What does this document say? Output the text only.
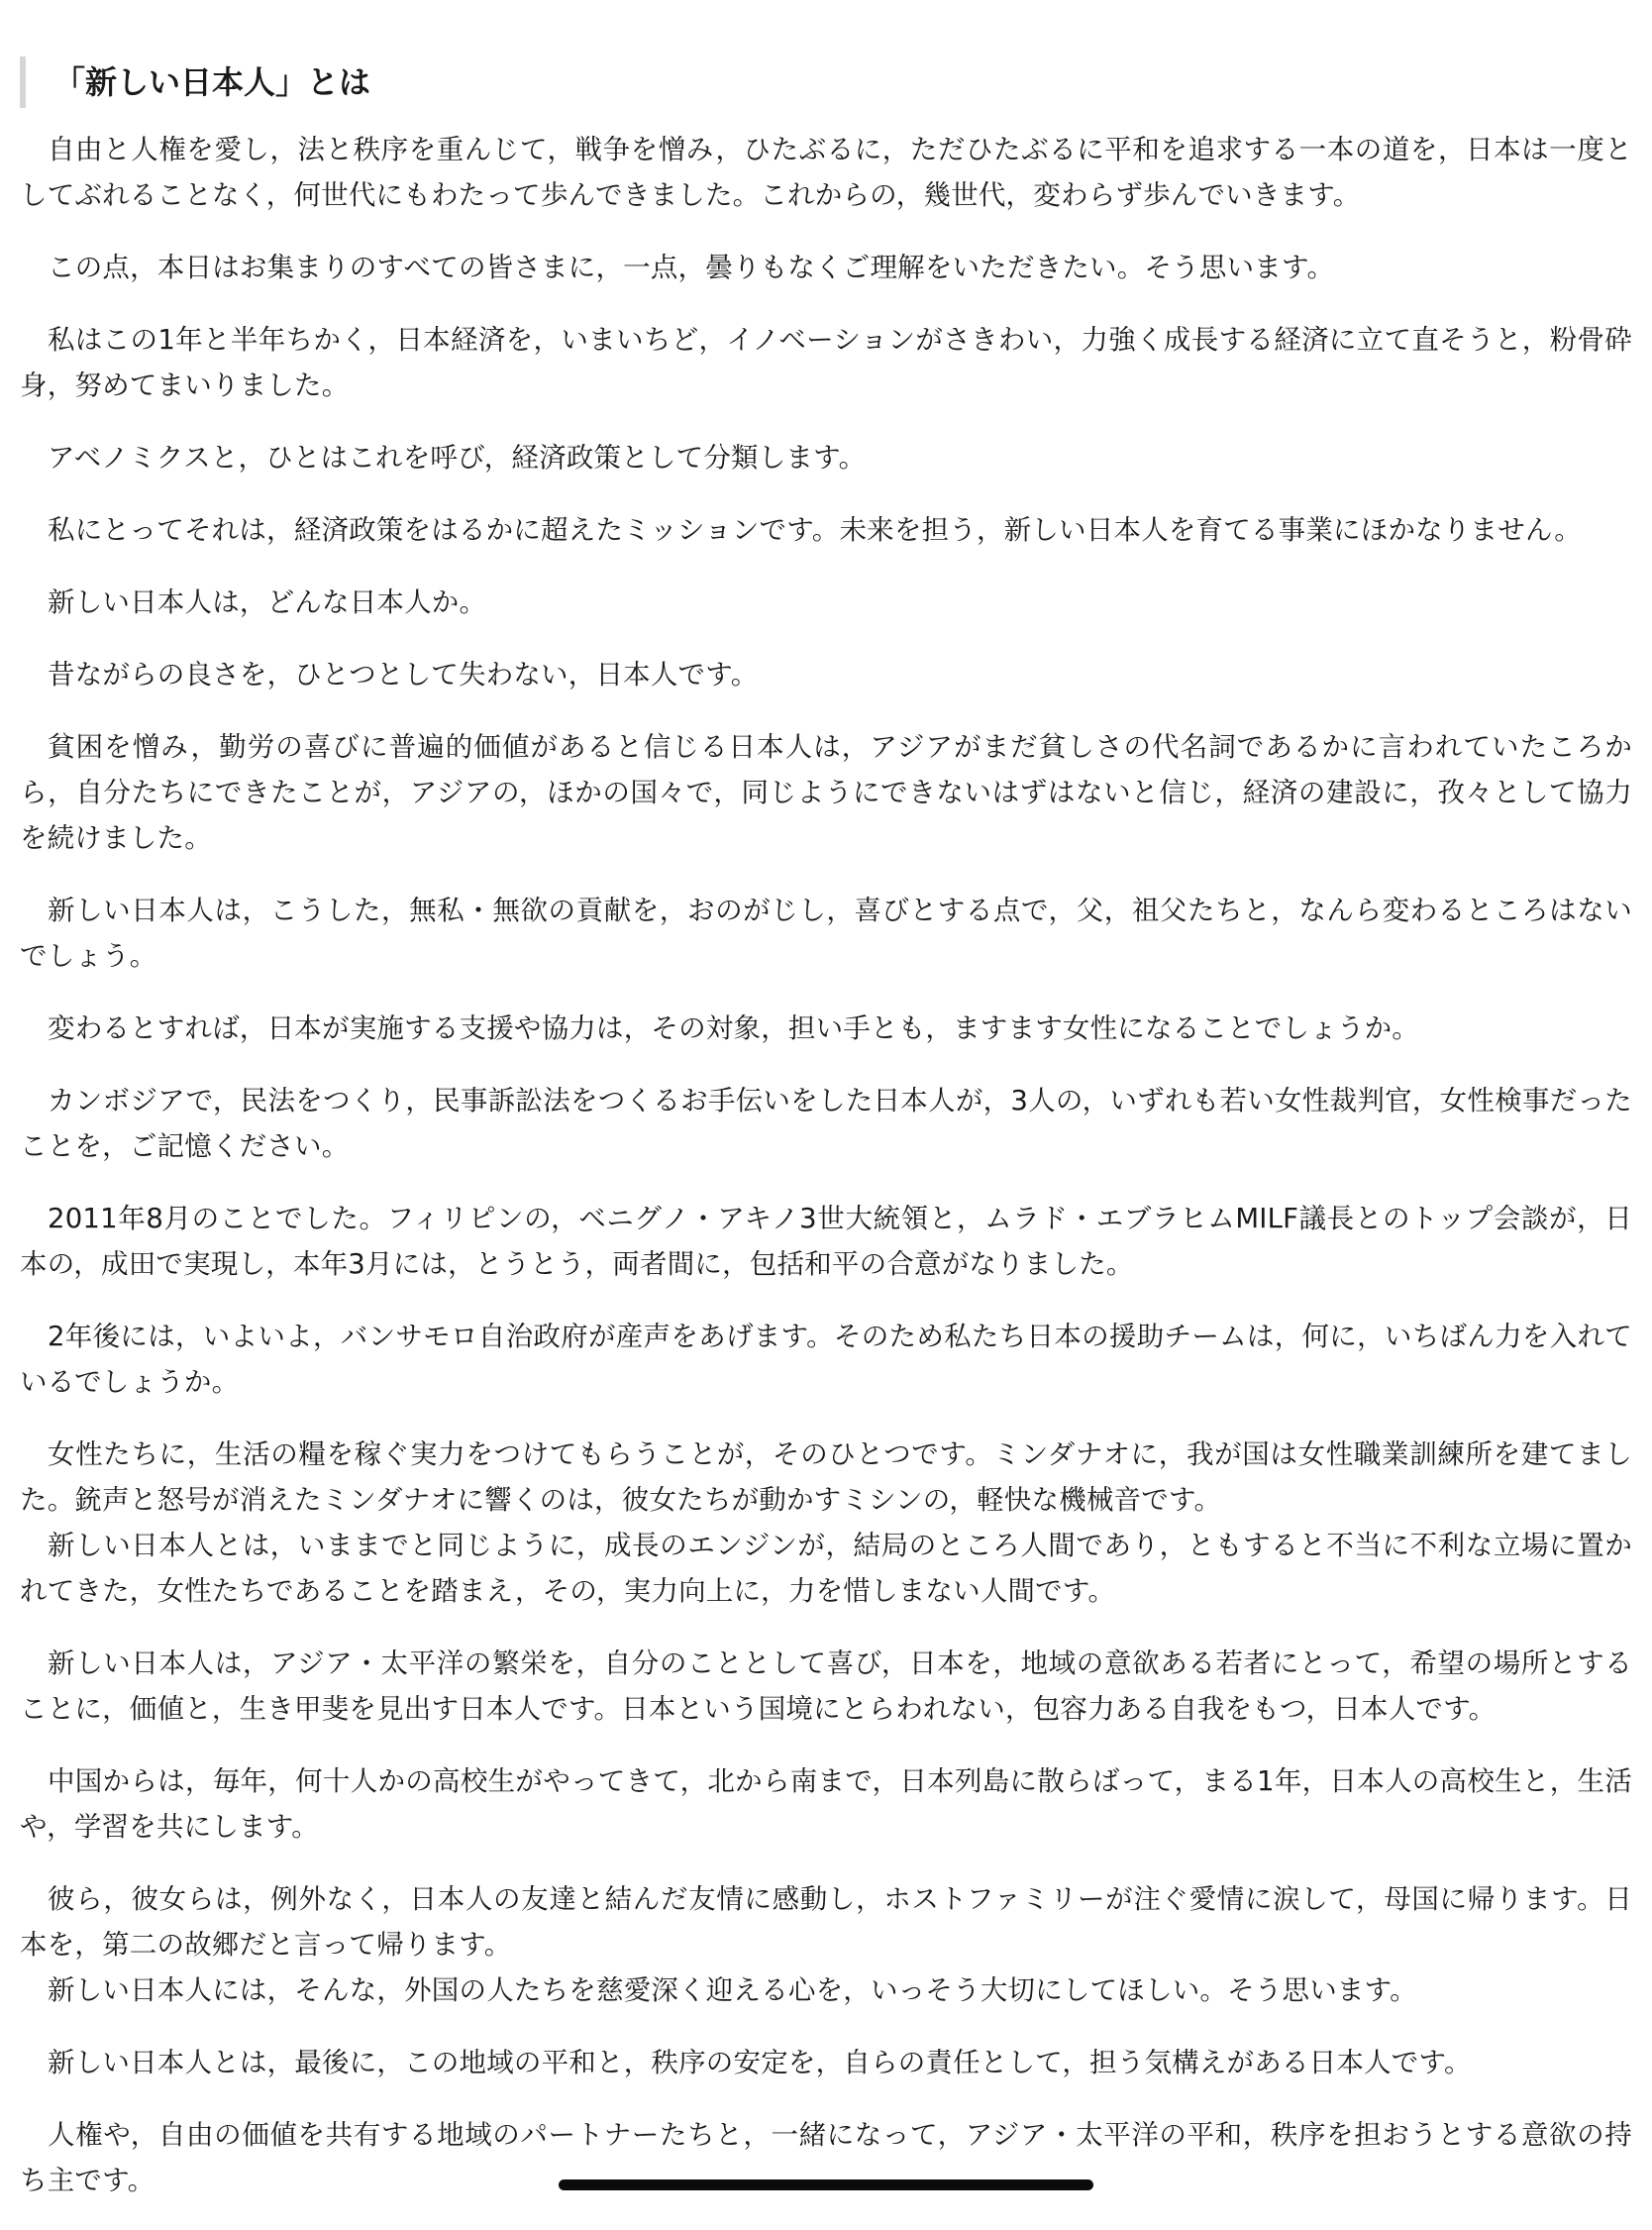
「新しい日本人」とは

自由と人権を愛し，法と秩序を重んじて，戦争を憎み，ひたぶるに，ただひたぶるに平和を追求する一本の道を，日本は一度としてぶれることなく，何世代にもわたって歩んできました。これからの，幾世代，変わらず歩んでいきます。

この点，本日はお集まりのすべての皆さまに，一点，曇りもなくご理解をいただきたい。そう思います。

私はこの1年と半年ちかく，日本経済を，いまいちど，イノベーションがさきわい，力強く成長する経済に立て直そうと，粉骨砕身，努めてまいりました。

アベノミクスと，ひとはこれを呼び，経済政策として分類します。

私にとってそれは，経済政策をはるかに超えたミッションです。未来を担う，新しい日本人を育てる事業にほかなりません。

新しい日本人は，どんな日本人か。

昔ながらの良さを，ひとつとして失わない，日本人です。

貧困を憎み，勤労の喜びに普遍的価値があると信じる日本人は，アジアがまだ貧しさの代名詞であるかに言われていたころから，自分たちにできたことが，アジアの，ほかの国々で，同じようにできないはずはないと信じ，経済の建設に，孜々として協力を続けました。

新しい日本人は，こうした，無私・無欲の貢献を，おのがじし，喜びとする点で，父，祖父たちと，なんら変わるところはないでしょう。

変わるとすれば，日本が実施する支援や協力は，その対象，担い手とも，ますます女性になることでしょうか。

カンボジアで，民法をつくり，民事訴訟法をつくるお手伝いをした日本人が，3人の，いずれも若い女性裁判官，女性検事だったことを，ご記憶ください。

2011年8月のことでした。フィリピンの，ベニグノ・アキノ3世大統領と，ムラド・エブラヒムMILF議長とのトップ会談が，日本の，成田で実現し，本年3月には，とうとう，両者間に，包括和平の合意がなりました。

2年後には，いよいよ，バンサモロ自治政府が産声をあげます。そのため私たち日本の援助チームは，何に，いちばん力を入れているでしょうか。

女性たちに，生活の糧を稼ぐ実力をつけてもらうことが，そのひとつです。ミンダナオに，我が国は女性職業訓練所を建てました。銃声と怒号が消えたミンダナオに響くのは，彼女たちが動かすミシンの，軽快な機械音です。

新しい日本人とは，いままでと同じように，成長のエンジンが，結局のところ人間であり，ともすると不当に不利な立場に置かれてきた，女性たちであることを踏まえ，その，実力向上に，力を惜しまない人間です。

新しい日本人は，アジア・太平洋の繁栄を，自分のこととして喜び，日本を，地域の意欲ある若者にとって，希望の場所とすることに，価値と，生き甲斐を見出す日本人です。日本という国境にとらわれない，包容力ある自我をもつ，日本人です。

中国からは，毎年，何十人かの高校生がやってきて，北から南まで，日本列島に散らばって，まる1年，日本人の高校生と，生活や，学習を共にします。

彼ら，彼女らは，例外なく，日本人の友達と結んだ友情に感動し，ホストファミリーが注ぐ愛情に涙して，母国に帰ります。日本を，第二の故郷だと言って帰ります。

新しい日本人には，そんな，外国の人たちを慈愛深く迎える心を，いっそう大切にしてほしい。そう思います。

新しい日本人とは，最後に，この地域の平和と，秩序の安定を，自らの責任として，担う気構えがある日本人です。

人権や，自由の価値を共有する地域のパートナーたちと，一緒になって，アジア・太平洋の平和，秩序を担おうとする意欲の持ち主です。
